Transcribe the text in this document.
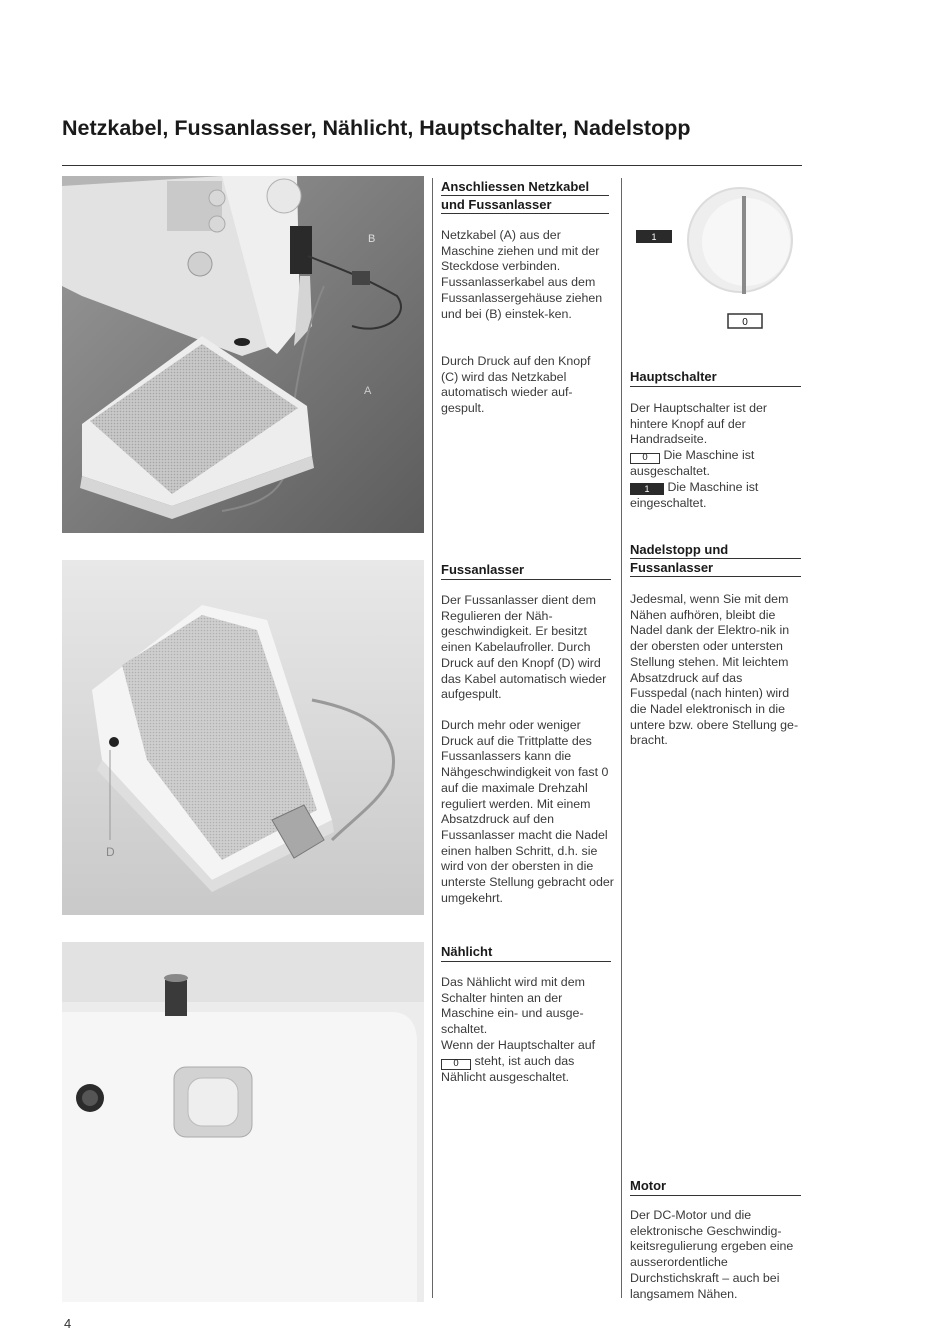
Netzkabel, Fussanlasser, Nählicht, Hauptschalter, Nadelstopp
B
A
D
1
0
Anschliessen Netzkabel
und Fussanlasser

Netzkabel (A) aus der Maschine ziehen und mit der Steckdose verbinden. Fussanlasserkabel aus dem Fussanlassergehäuse ziehen und bei (B) einstek-ken.

Durch Druck auf den Knopf (C) wird das Netzkabel automatisch wieder auf-gespult.

Fussanlasser

Der Fussanlasser dient dem Regulieren der Näh-geschwindigkeit. Er besitzt einen Kabelaufroller. Durch Druck auf den Knopf (D) wird das Kabel automatisch wieder aufgespult.

Durch mehr oder weniger Druck auf die Trittplatte des Fussanlassers kann die Nähgeschwindigkeit von fast 0 auf die maximale Drehzahl reguliert werden. Mit einem Absatzdruck auf den Fussanlasser macht die Nadel einen halben Schritt, d.h. sie wird von der obersten in die unterste Stellung gebracht oder umgekehrt.

Nählicht

Das Nählicht wird mit dem Schalter hinten an der Maschine ein- und ausge-schaltet.

Wenn der Hauptschalter auf 0 steht, ist auch das Nählicht ausgeschaltet.

Hauptschalter

Der Hauptschalter ist der hintere Knopf auf der Handradseite.

0 Die Maschine ist ausgeschaltet.

1 Die Maschine ist eingeschaltet.

Nadelstopp und
Fussanlasser

Jedesmal, wenn Sie mit dem Nähen aufhören, bleibt die Nadel dank der Elektro-nik in der obersten oder untersten Stellung stehen. Mit leichtem Absatzdruck auf das Fusspedal (nach hinten) wird die Nadel elektronisch in die untere bzw. obere Stellung ge-bracht.

Motor

Der DC-Motor und die elektronische Geschwindig-keitsregulierung ergeben eine ausserordentliche Durchstichskraft – auch bei langsamem Nähen.

4
